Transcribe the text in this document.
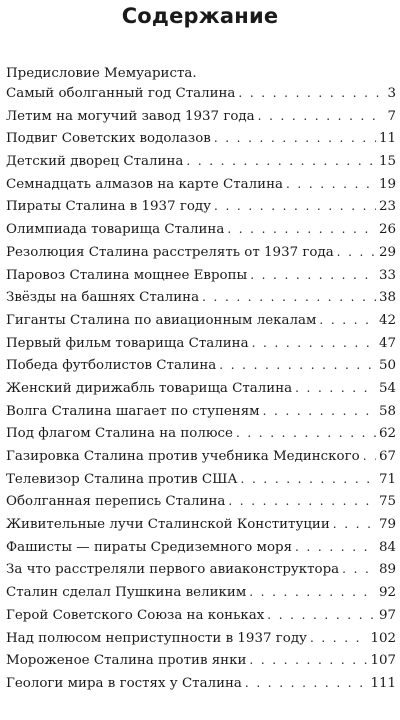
Содержание
Предисловие Мемуариста.
Самый оболганный год Сталина . . .	3
Летим на могучий завод 1937 года . . .	7
Подвиг Советских водолазов . . .	11
Детский дворец Сталина . . .	15
Семнадцать алмазов на карте Сталина . . .	19
Пираты Сталина в 1937 году . . .	23
Олимпиада товарища Сталина . . .	26
Резолюция Сталина расстрелять от 1937 года . . .	29
Паровоз Сталина мощнее Европы . . .	33
Звёзды на башнях Сталина . . .	38
Гиганты Сталина по авиационным лекалам . . .	42
Первый фильм товарища Сталина . . .	47
Победа футболистов Сталина . . .	50
Женский дирижабль товарища Сталина . . .	54
Волга Сталина шагает по ступеням . . .	58
Под флагом Сталина на полюсе . . .	62
Газировка Сталина против учебника Мединского . . . 67
Телевизор Сталина против США . . .	71
Оболганная перепись Сталина . . .	75
Живительные лучи Сталинской Конституции . . .	79
Фашисты — пираты Средиземного моря . . .	84
За что расстреляли первого авиаконструктора . . .	89
Сталин сделал Пушкина великим . . .	92
Герой Советского Союза на коньках . . .	97
Над полюсом неприступности в 1937 году . . .	102
Мороженое Сталина против янки . . .	107
Геологи мира в гостях у Сталина . . .	111
